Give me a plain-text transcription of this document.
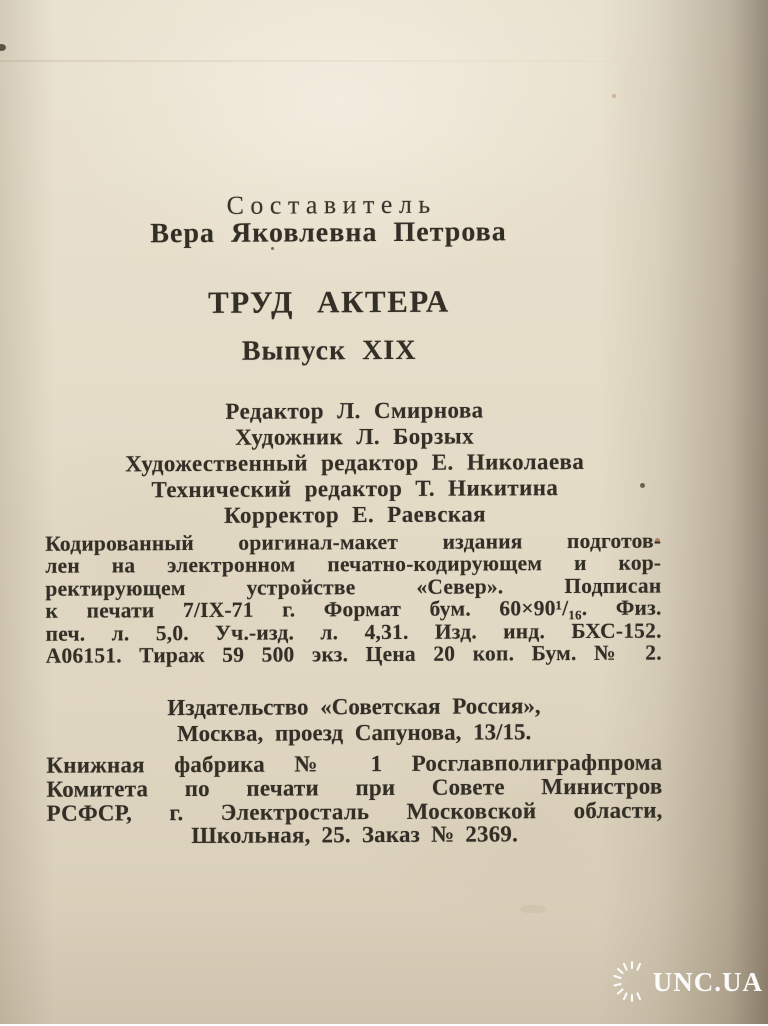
С о с т а в и т е л ь
Вера Яковлевна Петрова
ТРУД АКТЕРА
Выпуск XIX
Редактор Л. Смирнова
Художник Л. Борзых
Художественный редактор Е. Николаева
Технический редактор Т. Никитина
Корректор Е. Раевская
Кодированный оригинал-макет издания подготов-
лен на электронном печатно-кодирующем и кор-
ректирующем устройстве «Север». Подписан
к печати 7/IX-71 г. Формат бум. 60×90¹/₁₆. Физ.
печ. л. 5,0. Уч.-изд. л. 4,31. Изд. инд. БХС-152.
А06151. Тираж 59 500 экз. Цена 20 коп. Бум. № 2.
Издательство «Советская Россия»,
Москва, проезд Сапунова, 13/15.
Книжная фабрика № 1 Росглавполиграфпрома
Комитета по печати при Совете Министров
РСФСР, г. Электросталь Московской области,
Школьная, 25. Заказ № 2369.
UNC.UA
